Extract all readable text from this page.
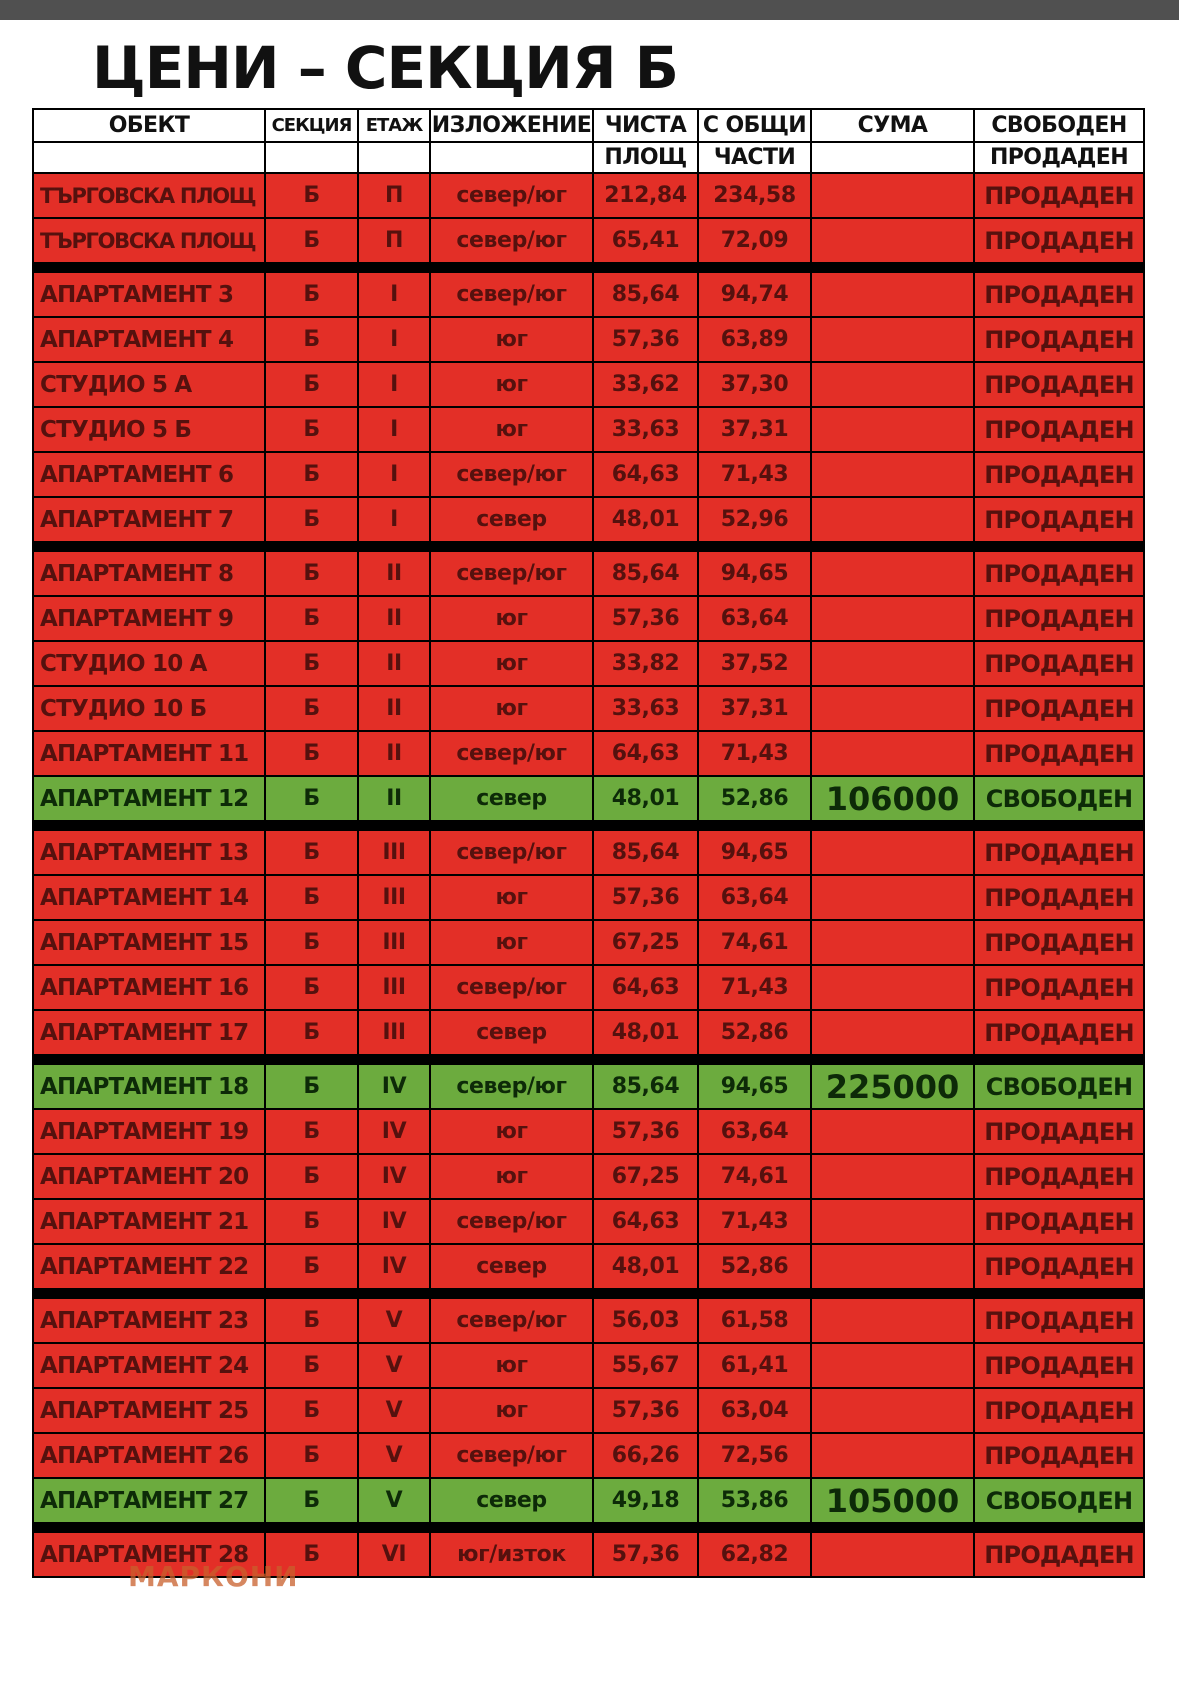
ЦЕНИ – СЕКЦИЯ Б
ОБЕКТ	СЕКЦИЯ	ЕТАЖ	ИЗЛОЖЕНИЕ	ЧИСТА	С ОБЩИ	СУМА	СВОБОДЕН
				ПЛОЩ	ЧАСТИ		ПРОДАДЕН
ТЪРГОВСКА ПЛОЩ	Б	П	север/юг	212,84	234,58		ПРОДАДЕН
ТЪРГОВСКА ПЛОЩ	Б	П	север/юг	65,41	72,09		ПРОДАДЕН

АПАРТАМЕНТ 3	Б	I	север/юг	85,64	94,74		ПРОДАДЕН
АПАРТАМЕНТ 4	Б	I	юг	57,36	63,89		ПРОДАДЕН
СТУДИО 5 А	Б	I	юг	33,62	37,30		ПРОДАДЕН
СТУДИО 5 Б	Б	I	юг	33,63	37,31		ПРОДАДЕН
АПАРТАМЕНТ 6	Б	I	север/юг	64,63	71,43		ПРОДАДЕН
АПАРТАМЕНТ 7	Б	I	север	48,01	52,96		ПРОДАДЕН

АПАРТАМЕНТ 8	Б	II	север/юг	85,64	94,65		ПРОДАДЕН
АПАРТАМЕНТ 9	Б	II	юг	57,36	63,64		ПРОДАДЕН
СТУДИО 10 А	Б	II	юг	33,82	37,52		ПРОДАДЕН
СТУДИО 10 Б	Б	II	юг	33,63	37,31		ПРОДАДЕН
АПАРТАМЕНТ 11	Б	II	север/юг	64,63	71,43		ПРОДАДЕН
АПАРТАМЕНТ 12	Б	II	север	48,01	52,86	106000	СВОБОДЕН

АПАРТАМЕНТ 13	Б	III	север/юг	85,64	94,65		ПРОДАДЕН
АПАРТАМЕНТ 14	Б	III	юг	57,36	63,64		ПРОДАДЕН
АПАРТАМЕНТ 15	Б	III	юг	67,25	74,61		ПРОДАДЕН
АПАРТАМЕНТ 16	Б	III	север/юг	64,63	71,43		ПРОДАДЕН
АПАРТАМЕНТ 17	Б	III	север	48,01	52,86		ПРОДАДЕН

АПАРТАМЕНТ 18	Б	IV	север/юг	85,64	94,65	225000	СВОБОДЕН
АПАРТАМЕНТ 19	Б	IV	юг	57,36	63,64		ПРОДАДЕН
АПАРТАМЕНТ 20	Б	IV	юг	67,25	74,61		ПРОДАДЕН
АПАРТАМЕНТ 21	Б	IV	север/юг	64,63	71,43		ПРОДАДЕН
АПАРТАМЕНТ 22	Б	IV	север	48,01	52,86		ПРОДАДЕН

АПАРТАМЕНТ 23	Б	V	север/юг	56,03	61,58		ПРОДАДЕН
АПАРТАМЕНТ 24	Б	V	юг	55,67	61,41		ПРОДАДЕН
АПАРТАМЕНТ 25	Б	V	юг	57,36	63,04		ПРОДАДЕН
АПАРТАМЕНТ 26	Б	V	север/юг	66,26	72,56		ПРОДАДЕН
АПАРТАМЕНТ 27	Б	V	север	49,18	53,86	105000	СВОБОДЕН

АПАРТАМЕНТ 28	Б	VI	юг/изток	57,36	62,82		ПРОДАДЕН
МАРКОНИ
